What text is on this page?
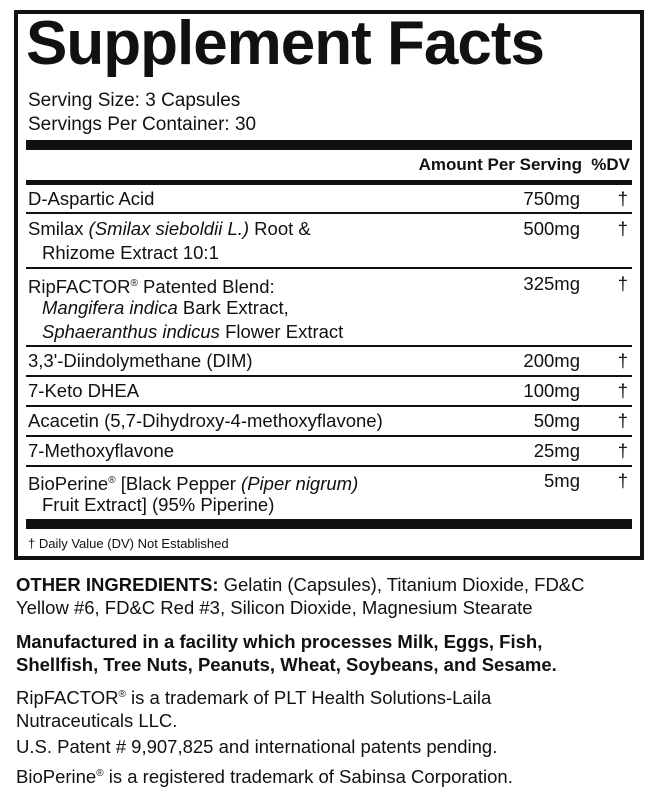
Supplement Facts
Serving Size: 3 Capsules
Servings Per Container: 30
Amount Per Serving %DV
D-Aspartic Acid	750mg †
Smilax (Smilax sieboldii L.) Root &	500mg †
Rhizome Extract 10:1
RipFACTOR® Patented Blend:	325mg †
Mangifera indica Bark Extract,
Sphaeranthus indicus Flower Extract
3,3'-Diindolymethane (DIM)	200mg †
7-Keto DHEA	100mg †
Acacetin (5,7-Dihydroxy-4-methoxyflavone)	50mg †
7-Methoxyflavone	25mg †
BioPerine® [Black Pepper (Piper nigrum)	5mg †
Fruit Extract] (95% Piperine)
† Daily Value (DV) Not Established
OTHER INGREDIENTS: Gelatin (Capsules), Titanium Dioxide, FD&C
Yellow #6, FD&C Red #3, Silicon Dioxide, Magnesium Stearate
Manufactured in a facility which processes Milk, Eggs, Fish,
Shellfish, Tree Nuts, Peanuts, Wheat, Soybeans, and Sesame.
RipFACTOR® is a trademark of PLT Health Solutions-Laila
Nutraceuticals LLC.
U.S. Patent # 9,907,825 and international patents pending.
BioPerine® is a registered trademark of Sabinsa Corporation.
